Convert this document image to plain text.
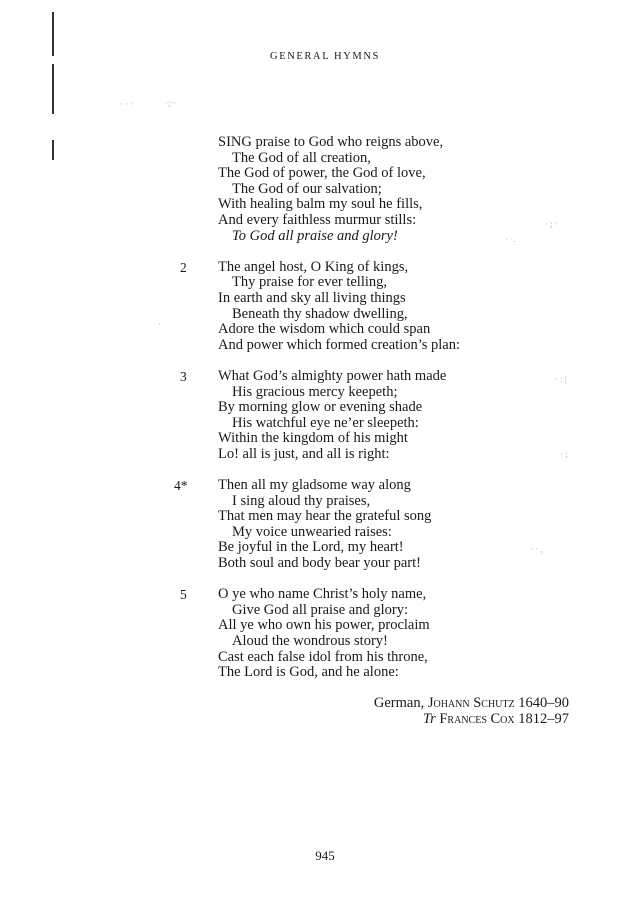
· · ·	·;··
· ; ·
· ·.
· : |
· ;
· · ,
·
GENERAL HYMNS
SING praise to God who reigns above,
The God of all creation,
The God of power, the God of love,
The God of our salvation;
With healing balm my soul he fills,
And every faithless murmur stills:
To God all praise and glory!
2	The angel host, O King of kings,
Thy praise for ever telling,
In earth and sky all living things
Beneath thy shadow dwelling,
Adore the wisdom which could span
And power which formed creation’s plan:
3	What God’s almighty power hath made
His gracious mercy keepeth;
By morning glow or evening shade
His watchful eye ne’er sleepeth:
Within the kingdom of his might
Lo! all is just, and all is right:
4*	Then all my gladsome way along
I sing aloud thy praises,
That men may hear the grateful song
My voice unwearied raises:
Be joyful in the Lord, my heart!
Both soul and body bear your part!
5	O ye who name Christ’s holy name,
Give God all praise and glory:
All ye who own his power, proclaim
Aloud the wondrous story!
Cast each false idol from his throne,
The Lord is God, and he alone:
German, Johann Schutz 1640–90
Tr Frances Cox 1812–97
945
